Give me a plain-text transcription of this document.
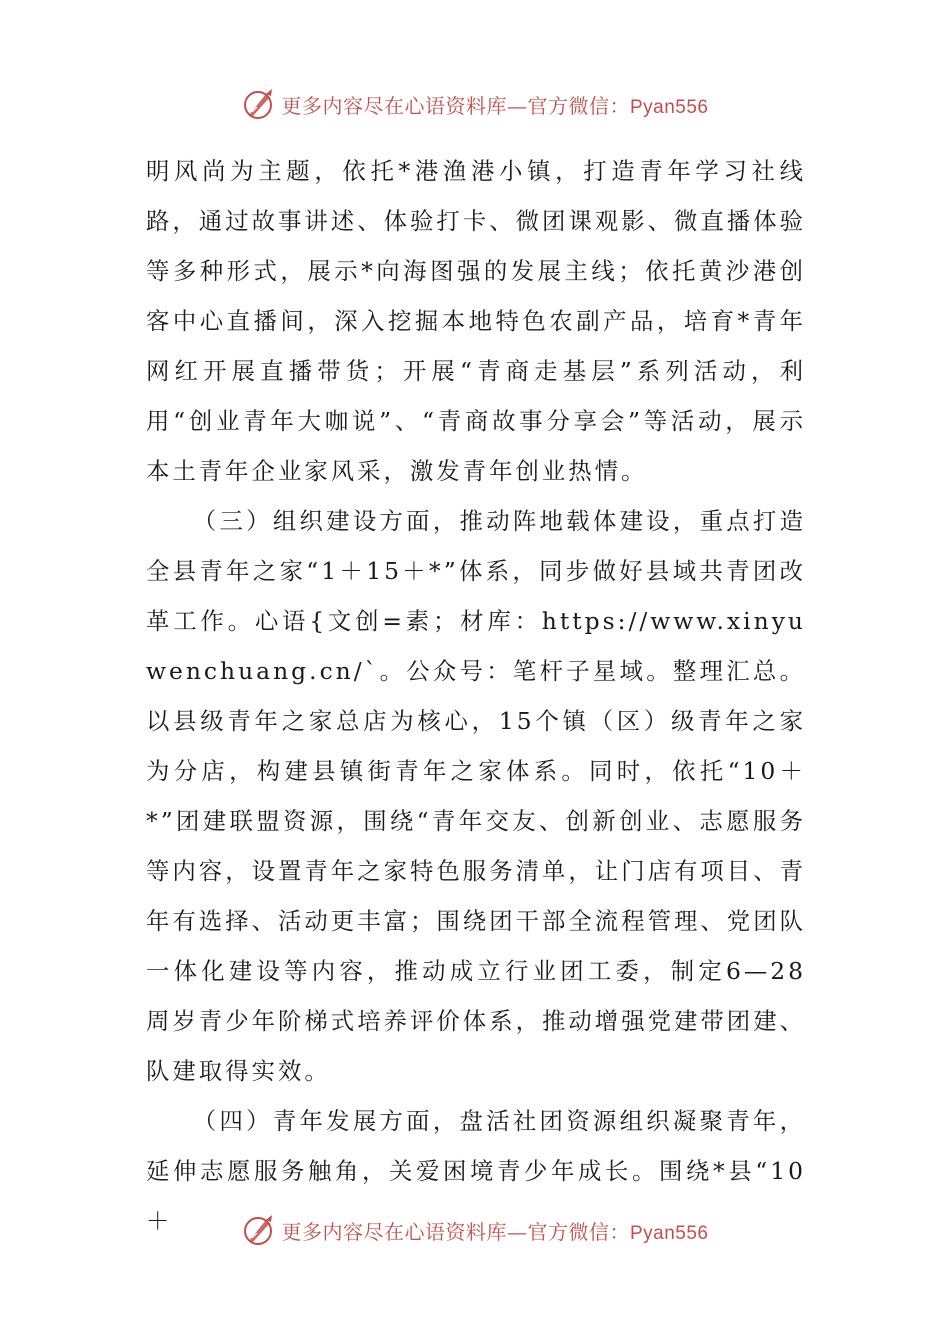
更多内容尽在心语资料库—官方微信：Pyan556

明风尚为主题，依托*港渔港小镇，打造青年学习社线路，通过故事讲述、体验打卡、微团课观影、微直播体验等多种形式，展示*向海图强的发展主线；依托黄沙港创客中心直播间，深入挖掘本地特色农副产品，培育*青年网红开展直播带货；开展“青商走基层”系列活动，利用“创业青年大咖说”、“青商故事分享会”等活动，展示本土青年企业家风采，激发青年创业热情。

（三）组织建设方面，推动阵地载体建设，重点打造全县青年之家“1＋15＋*”体系，同步做好县域共青团改革工作。心语{文创=素；材库：https://www.xinyuwenchuang.cn/`。公众号：笔杆子星域。整理汇总。以县级青年之家总店为核心，15个镇（区）级青年之家为分店，构建县镇街青年之家体系。同时，依托“10＋*”团建联盟资源，围绕“青年交友、创新创业、志愿服务等内容，设置青年之家特色服务清单，让门店有项目、青年有选择、活动更丰富；围绕团干部全流程管理、党团队一体化建设等内容，推动成立行业团工委，制定6—28周岁青少年阶梯式培养评价体系，推动增强党建带团建、队建取得实效。

（四）青年发展方面，盘活社团资源组织凝聚青年，延伸志愿服务触角，关爱困境青少年成长。围绕*县“10＋	更多内容尽在心语资料库—官方微信：Pyan556
